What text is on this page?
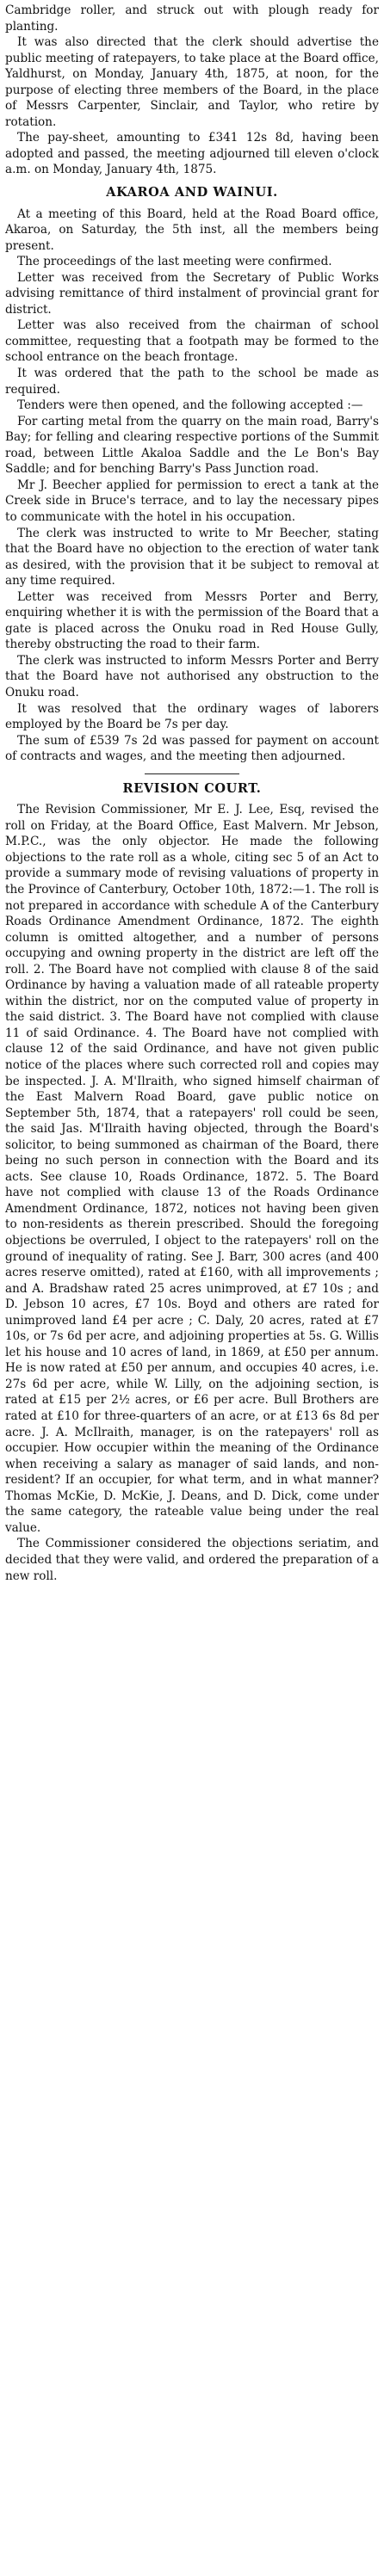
Cambridge roller, and struck out with plough ready for planting.

It was also directed that the clerk should advertise the public meeting of ratepayers, to take place at the Board office, Yaldhurst, on Monday, January 4th, 1875, at noon, for the purpose of electing three members of the Board, in the place of Messrs Carpenter, Sinclair, and Taylor, who retire by rotation.

The pay-sheet, amounting to £341 12s 8d, having been adopted and passed, the meeting adjourned till eleven o'clock a.m. on Monday, January 4th, 1875.

AKAROA AND WAINUI.

At a meeting of this Board, held at the Road Board office, Akaroa, on Saturday, the 5th inst, all the members being present.

The proceedings of the last meeting were confirmed.

Letter was received from the Secretary of Public Works advising remittance of third instalment of provincial grant for district.

Letter was also received from the chairman of school committee, requesting that a footpath may be formed to the school entrance on the beach frontage.

It was ordered that the path to the school be made as required.

Tenders were then opened, and the following accepted :—

For carting metal from the quarry on the main road, Barry's Bay; for felling and clearing respective portions of the Summit road, between Little Akaloa Saddle and the Le Bon's Bay Saddle; and for benching Barry's Pass Junction road.

Mr J. Beecher applied for permission to erect a tank at the Creek side in Bruce's terrace, and to lay the necessary pipes to communicate with the hotel in his occupation.

The clerk was instructed to write to Mr Beecher, stating that the Board have no objection to the erection of water tank as desired, with the provision that it be subject to removal at any time required.

Letter was received from Messrs Porter and Berry, enquiring whether it is with the permission of the Board that a gate is placed across the Onuku road in Red House Gully, thereby obstructing the road to their farm.

The clerk was instructed to inform Messrs Porter and Berry that the Board have not authorised any obstruction to the Onuku road.

It was resolved that the ordinary wages of laborers employed by the Board be 7s per day.

The sum of £539 7s 2d was passed for payment on account of contracts and wages, and the meeting then adjourned.

REVISION COURT.

The Revision Commissioner, Mr E. J. Lee, Esq, revised the roll on Friday, at the Board Office, East Malvern. Mr Jebson, M.P.C., was the only objector. He made the following objections to the rate roll as a whole, citing sec 5 of an Act to provide a summary mode of revising valuations of property in the Province of Canterbury, October 10th, 1872:—1. The roll is not prepared in accordance with schedule A of the Canterbury Roads Ordinance Amendment Ordinance, 1872. The eighth column is omitted altogether, and a number of persons occupying and owning property in the district are left off the roll. 2. The Board have not complied with clause 8 of the said Ordinance by having a valuation made of all rateable property within the district, nor on the computed value of property in the said district. 3. The Board have not complied with clause 11 of said Ordinance. 4. The Board have not complied with clause 12 of the said Ordinance, and have not given public notice of the places where such corrected roll and copies may be inspected. J. A. M'Ilraith, who signed himself chairman of the East Malvern Road Board, gave public notice on September 5th, 1874, that a ratepayers' roll could be seen, the said Jas. M'Ilraith having objected, through the Board's solicitor, to being summoned as chairman of the Board, there being no such person in connection with the Board and its acts. See clause 10, Roads Ordinance, 1872. 5. The Board have not complied with clause 13 of the Roads Ordinance Amendment Ordinance, 1872, notices not having been given to non-residents as therein prescribed. Should the foregoing objections be overruled, I object to the ratepayers' roll on the ground of inequality of rating. See J. Barr, 300 acres (and 400 acres reserve omitted), rated at £160, with all improvements ; and A. Bradshaw rated 25 acres unimproved, at £7 10s ; and D. Jebson 10 acres, £7 10s. Boyd and others are rated for unimproved land £4 per acre ; C. Daly, 20 acres, rated at £7 10s, or 7s 6d per acre, and adjoining properties at 5s. G. Willis let his house and 10 acres of land, in 1869, at £50 per annum. He is now rated at £50 per annum, and occupies 40 acres, i.e. 27s 6d per acre, while W. Lilly, on the adjoining section, is rated at £15 per 2½ acres, or £6 per acre. Bull Brothers are rated at £10 for three-quarters of an acre, or at £13 6s 8d per acre. J. A. McIlraith, manager, is on the ratepayers' roll as occupier. How occupier within the meaning of the Ordinance when receiving a salary as manager of said lands, and non-resident? If an occupier, for what term, and in what manner? Thomas McKie, D. McKie, J. Deans, and D. Dick, come under the same category, the rateable value being under the real value.

The Commissioner considered the objections seriatim, and decided that they were valid, and ordered the preparation of a new roll.
